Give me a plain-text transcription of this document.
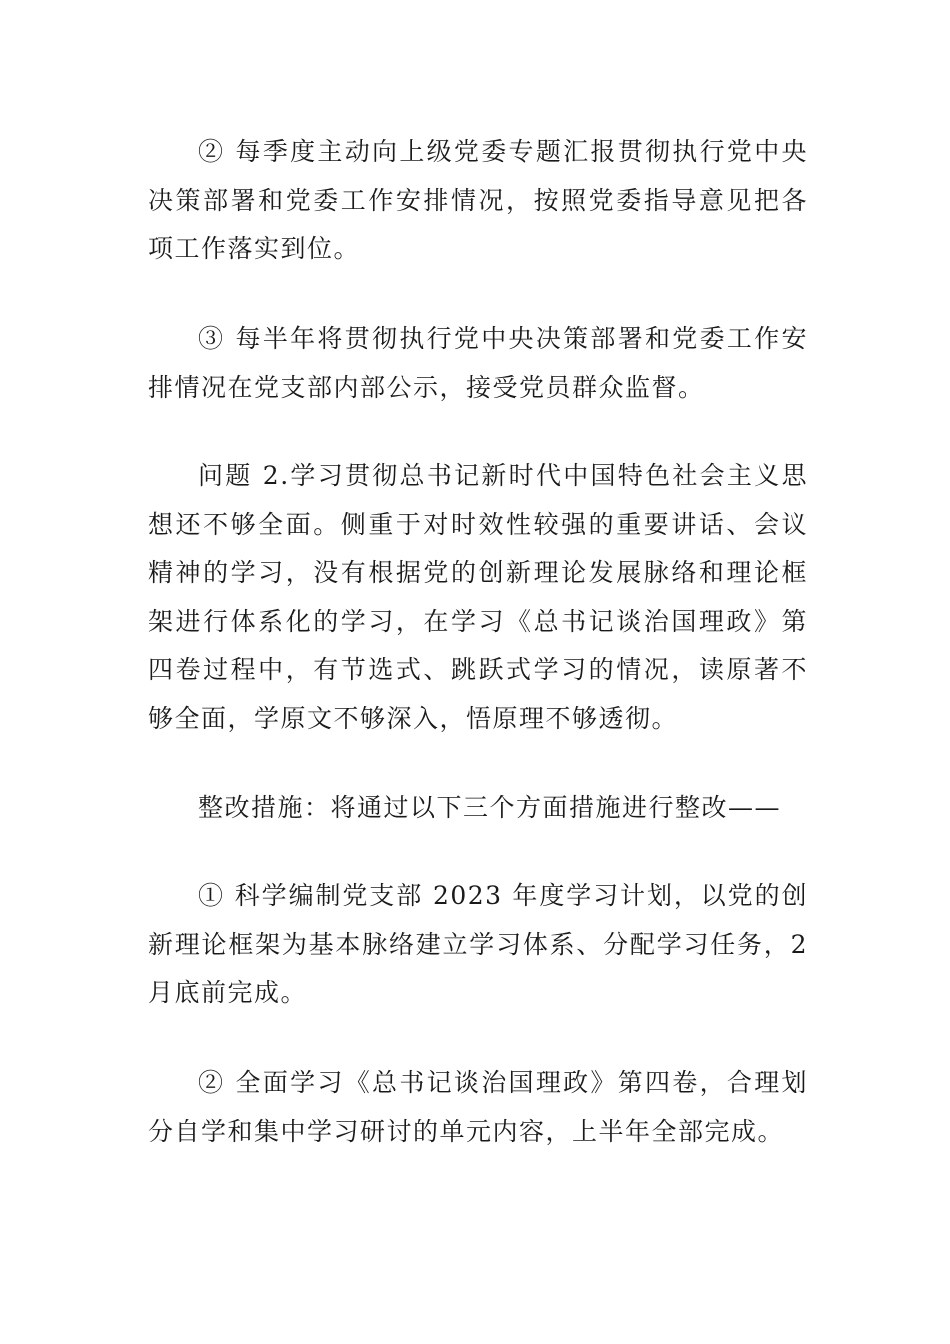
② 每季度主动向上级党委专题汇报贯彻执行党中央决策部署和党委工作安排情况，按照党委指导意见把各项工作落实到位。

③ 每半年将贯彻执行党中央决策部署和党委工作安排情况在党支部内部公示，接受党员群众监督。

问题 2.学习贯彻总书记新时代中国特色社会主义思想还不够全面。侧重于对时效性较强的重要讲话、会议精神的学习，没有根据党的创新理论发展脉络和理论框架进行体系化的学习，在学习《总书记谈治国理政》第四卷过程中，有节选式、跳跃式学习的情况，读原著不够全面，学原文不够深入，悟原理不够透彻。

整改措施：将通过以下三个方面措施进行整改——

① 科学编制党支部 2023 年度学习计划，以党的创新理论框架为基本脉络建立学习体系、分配学习任务，2 月底前完成。

② 全面学习《总书记谈治国理政》第四卷，合理划分自学和集中学习研讨的单元内容，上半年全部完成。
